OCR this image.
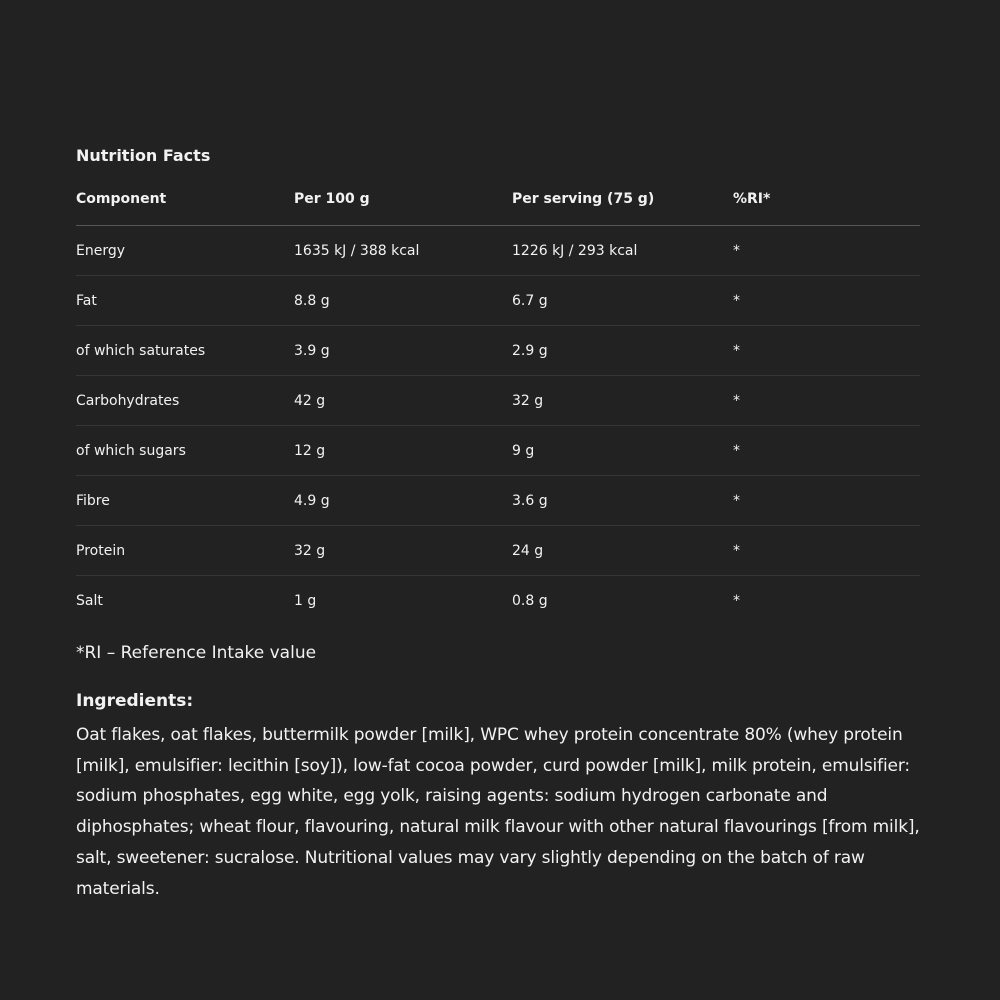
Nutrition Facts
Component	Per 100 g	Per serving (75 g)	%RI*
Energy	1635 kJ / 388 kcal	1226 kJ / 293 kcal	*
Fat	8.8 g	6.7 g	*
of which saturates	3.9 g	2.9 g	*
Carbohydrates	42 g	32 g	*
of which sugars	12 g	9 g	*
Fibre	4.9 g	3.6 g	*
Protein	32 g	24 g	*
Salt	1 g	0.8 g	*
*RI – Reference Intake value
Ingredients:
Oat flakes, oat flakes, buttermilk powder [milk], WPC whey protein concentrate 80% (whey protein [milk], emulsifier: lecithin [soy]), low-fat cocoa powder, curd powder [milk], milk protein, emulsifier: sodium phosphates, egg white, egg yolk, raising agents: sodium hydrogen carbonate and diphosphates; wheat flour, flavouring, natural milk flavour with other natural flavourings [from milk], salt, sweetener: sucralose. Nutritional values may vary slightly depending on the batch of raw materials.
